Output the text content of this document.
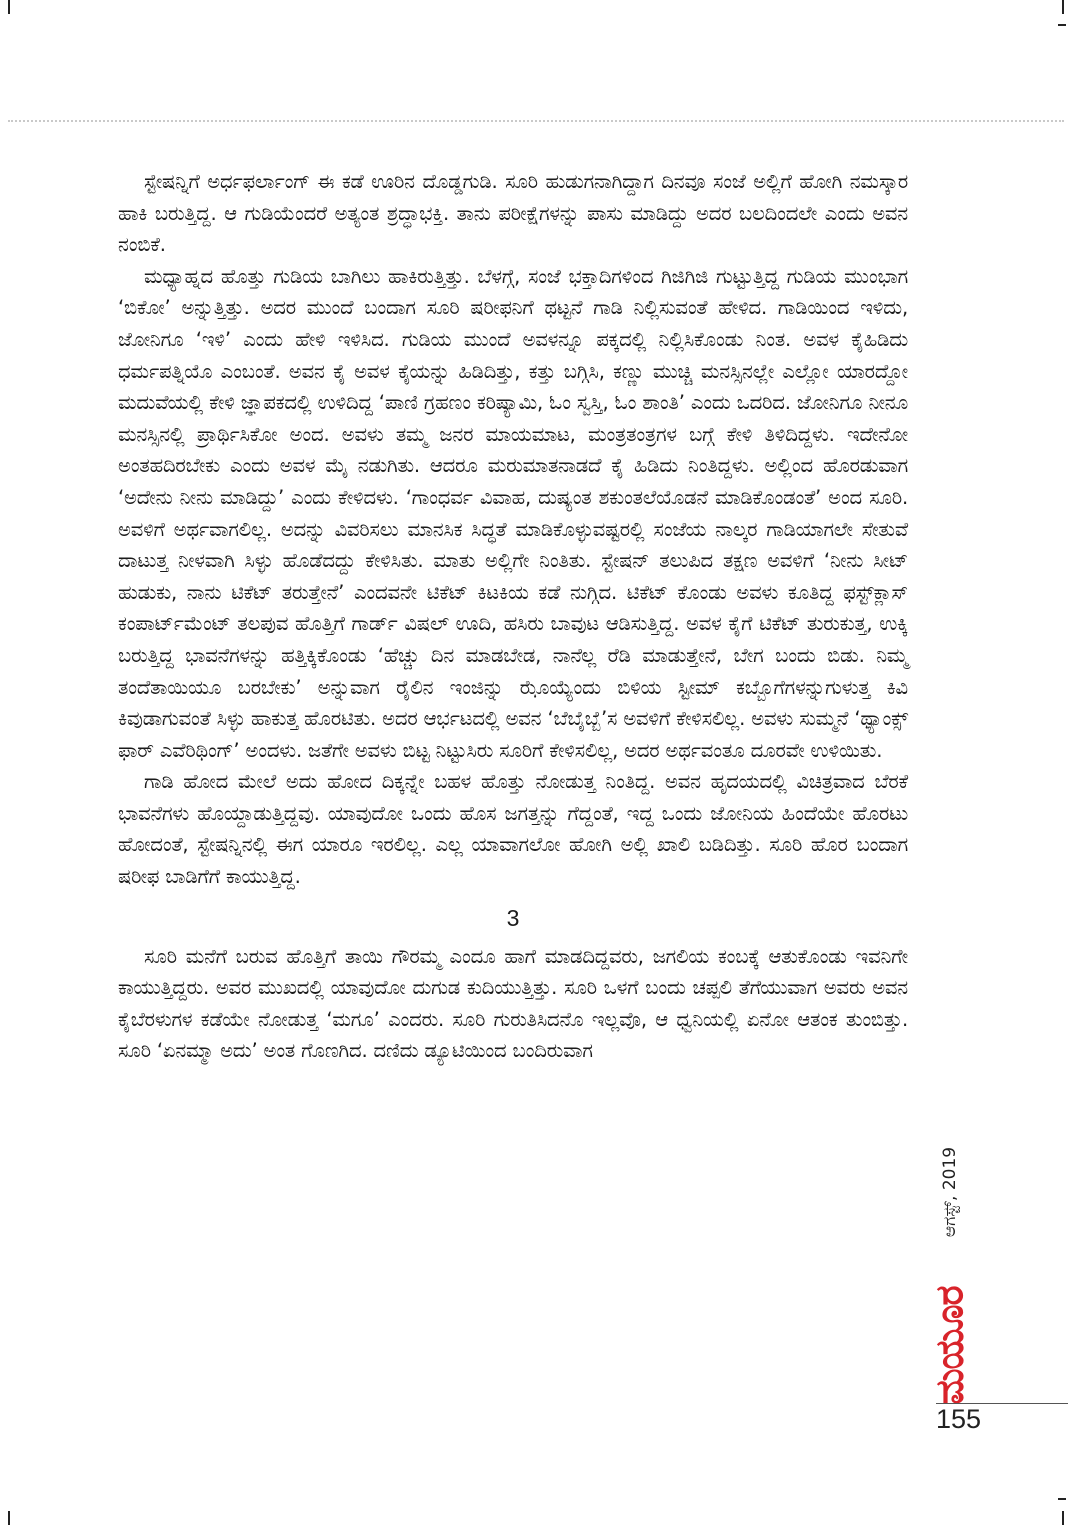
ಸ್ಟೇಷನ್ನಿಗೆ ಅರ್ಧಫರ್ಲಾಂಗ್ ಈ ಕಡೆ ಊರಿನ ದೊಡ್ಡಗುಡಿ. ಸೂರಿ ಹುಡುಗನಾಗಿದ್ದಾಗ ದಿನವೂ ಸಂಜೆ ಅಲ್ಲಿಗೆ ಹೋಗಿ ನಮಸ್ಕಾರ ಹಾಕಿ ಬರುತ್ತಿದ್ದ. ಆ ಗುಡಿಯೆಂದರೆ ಅತ್ಯಂತ ಶ್ರದ್ಧಾಭಕ್ತಿ. ತಾನು ಪರೀಕ್ಷೆಗಳನ್ನು ಪಾಸು ಮಾಡಿದ್ದು ಅದರ ಬಲದಿಂದಲೇ ಎಂದು ಅವನ ನಂಬಿಕೆ.

ಮಧ್ಯಾಹ್ನದ ಹೊತ್ತು ಗುಡಿಯ ಬಾಗಿಲು ಹಾಕಿರುತ್ತಿತ್ತು. ಬೆಳಗ್ಗೆ, ಸಂಜೆ ಭಕ್ತಾದಿಗಳಿಂದ ಗಿಜಿಗಿಜಿ ಗುಟ್ಟುತ್ತಿದ್ದ ಗುಡಿಯ ಮುಂಭಾಗ ‘ಬಿಕೋ’ ಅನ್ನುತ್ತಿತ್ತು. ಅದರ ಮುಂದೆ ಬಂದಾಗ ಸೂರಿ ಷರೀಫನಿಗೆ ಥಟ್ಟನೆ ಗಾಡಿ ನಿಲ್ಲಿಸುವಂತೆ ಹೇಳಿದ. ಗಾಡಿಯಿಂದ ಇಳಿದು, ಜೋನಿಗೂ ‘ಇಳಿ’ ಎಂದು ಹೇಳಿ ಇಳಿಸಿದ. ಗುಡಿಯ ಮುಂದೆ ಅವಳನ್ನೂ ಪಕ್ಕದಲ್ಲಿ ನಿಲ್ಲಿಸಿಕೊಂಡು ನಿಂತ. ಅವಳ ಕೈಹಿಡಿದು ಧರ್ಮಪತ್ನಿಯೊ ಎಂಬಂತೆ. ಅವನ ಕೈ ಅವಳ ಕೈಯನ್ನು ಹಿಡಿದಿತ್ತು, ಕತ್ತು ಬಗ್ಗಿಸಿ, ಕಣ್ಣು ಮುಚ್ಚಿ ಮನಸ್ಸಿನಲ್ಲೇ ಎಲ್ಲೋ ಯಾರದ್ದೋ ಮದುವೆಯಲ್ಲಿ ಕೇಳಿ ಜ್ಞಾಪಕದಲ್ಲಿ ಉಳಿದಿದ್ದ ‘ಪಾಣಿ ಗ್ರಹಣಂ ಕರಿಷ್ಯಾಮಿ, ಓಂ ಸ್ವಸ್ತಿ, ಓಂ ಶಾಂತಿ’ ಎಂದು ಒದರಿದ. ಜೋನಿಗೂ ನೀನೂ ಮನಸ್ಸಿನಲ್ಲಿ ಪ್ರಾರ್ಥಿಸಿಕೋ ಅಂದ. ಅವಳು ತಮ್ಮ ಜನರ ಮಾಯಮಾಟ, ಮಂತ್ರತಂತ್ರಗಳ ಬಗ್ಗೆ ಕೇಳಿ ತಿಳಿದಿದ್ದಳು. ಇದೇನೋ ಅಂತಹದಿರಬೇಕು ಎಂದು ಅವಳ ಮೈ ನಡುಗಿತು. ಆದರೂ ಮರುಮಾತನಾಡದೆ ಕೈ ಹಿಡಿದು ನಿಂತಿದ್ದಳು. ಅಲ್ಲಿಂದ ಹೊರಡುವಾಗ ‘ಅದೇನು ನೀನು ಮಾಡಿದ್ದು’ ಎಂದು ಕೇಳಿದಳು. ‘ಗಾಂಧರ್ವ ವಿವಾಹ, ದುಷ್ಯಂತ ಶಕುಂತಲೆಯೊಡನೆ ಮಾಡಿಕೊಂಡಂತೆ’ ಅಂದ ಸೂರಿ. ಅವಳಿಗೆ ಅರ್ಥವಾಗಲಿಲ್ಲ. ಅದನ್ನು ವಿವರಿಸಲು ಮಾನಸಿಕ ಸಿದ್ಧತೆ ಮಾಡಿಕೊಳ್ಳುವಷ್ಟರಲ್ಲಿ ಸಂಜೆಯ ನಾಲ್ಕರ ಗಾಡಿಯಾಗಲೇ ಸೇತುವೆ ದಾಟುತ್ತ ನೀಳವಾಗಿ ಸಿಳ್ಳು ಹೊಡೆದದ್ದು ಕೇಳಿಸಿತು. ಮಾತು ಅಲ್ಲಿಗೇ ನಿಂತಿತು. ಸ್ಟೇಷನ್ ತಲುಪಿದ ತಕ್ಷಣ ಅವಳಿಗೆ ‘ನೀನು ಸೀಟ್ ಹುಡುಕು, ನಾನು ಟಿಕೆಟ್ ತರುತ್ತೇನೆ’ ಎಂದವನೇ ಟಿಕೆಟ್ ಕಿಟಕಿಯ ಕಡೆ ನುಗ್ಗಿದ. ಟಿಕೆಟ್ ಕೊಂಡು ಅವಳು ಕೂತಿದ್ದ ಫಸ್ಟ್‌ಕ್ಲಾಸ್ ಕಂಪಾರ್ಟ್‌ಮೆಂಟ್ ತಲಪುವ ಹೊತ್ತಿಗೆ ಗಾರ್ಡ್ ವಿಷಲ್ ಊದಿ, ಹಸಿರು ಬಾವುಟ ಆಡಿಸುತ್ತಿದ್ದ. ಅವಳ ಕೈಗೆ ಟಿಕೆಟ್ ತುರುಕುತ್ತ, ಉಕ್ಕಿ ಬರುತ್ತಿದ್ದ ಭಾವನೆಗಳನ್ನು ಹತ್ತಿಕ್ಕಿಕೊಂಡು ‘ಹೆಚ್ಚು ದಿನ ಮಾಡಬೇಡ, ನಾನೆಲ್ಲ ರೆಡಿ ಮಾಡುತ್ತೇನೆ, ಬೇಗ ಬಂದು ಬಿಡು. ನಿಮ್ಮ ತಂದೆತಾಯಿಯೂ ಬರಬೇಕು’ ಅನ್ನುವಾಗ ರೈಲಿನ ಇಂಜಿನ್ನು ಝೊಯ್ಯೆಂದು ಬಿಳಿಯ ಸ್ಟೀಮ್ ಕಬ್ಬೊಗೆಗಳನ್ನುಗುಳುತ್ತ ಕಿವಿ ಕಿವುಡಾಗುವಂತೆ ಸಿಳ್ಳು ಹಾಕುತ್ತ ಹೊರಟಿತು. ಅದರ ಆರ್ಭಟದಲ್ಲಿ ಅವನ ‘ಬೆಬೈಬ್ಬೆ’ಸ ಅವಳಿಗೆ ಕೇಳಿಸಲಿಲ್ಲ. ಅವಳು ಸುಮ್ಮನೆ ‘ಥ್ಯಾಂಕ್ಸ್ ಫಾರ್ ಎವೆರಿಥಿಂಗ್’ ಅಂದಳು. ಜತೆಗೇ ಅವಳು ಬಿಟ್ಟ ನಿಟ್ಟುಸಿರು ಸೂರಿಗೆ ಕೇಳಿಸಲಿಲ್ಲ, ಅದರ ಅರ್ಥವಂತೂ ದೂರವೇ ಉಳಿಯಿತು.

ಗಾಡಿ ಹೋದ ಮೇಲೆ ಅದು ಹೋದ ದಿಕ್ಕನ್ನೇ ಬಹಳ ಹೊತ್ತು ನೋಡುತ್ತ ನಿಂತಿದ್ದ. ಅವನ ಹೃದಯದಲ್ಲಿ ವಿಚಿತ್ರವಾದ ಬೆರಕೆ ಭಾವನೆಗಳು ಹೊಯ್ದಾಡುತ್ತಿದ್ದವು. ಯಾವುದೋ ಒಂದು ಹೊಸ ಜಗತ್ತನ್ನು ಗೆದ್ದಂತೆ, ಇದ್ದ ಒಂದು ಜೋನಿಯ ಹಿಂದೆಯೇ ಹೊರಟು ಹೋದಂತೆ, ಸ್ಟೇಷನ್ನಿನಲ್ಲಿ ಈಗ ಯಾರೂ ಇರಲಿಲ್ಲ. ಎಲ್ಲ ಯಾವಾಗಲೋ ಹೋಗಿ ಅಲ್ಲಿ ಖಾಲಿ ಬಡಿದಿತ್ತು. ಸೂರಿ ಹೊರ ಬಂದಾಗ ಷರೀಫ ಬಾಡಿಗೆಗೆ ಕಾಯುತ್ತಿದ್ದ.

3

ಸೂರಿ ಮನೆಗೆ ಬರುವ ಹೊತ್ತಿಗೆ ತಾಯಿ ಗೌರಮ್ಮ ಎಂದೂ ಹಾಗೆ ಮಾಡದಿದ್ದವರು, ಜಗಲಿಯ ಕಂಬಕ್ಕೆ ಆತುಕೊಂಡು ಇವನಿಗೇ ಕಾಯುತ್ತಿದ್ದರು. ಅವರ ಮುಖದಲ್ಲಿ ಯಾವುದೋ ದುಗುಡ ಕುದಿಯುತ್ತಿತ್ತು. ಸೂರಿ ಒಳಗೆ ಬಂದು ಚಪ್ಪಲಿ ತೆಗೆಯುವಾಗ ಅವರು ಅವನ ಕೈಬೆರಳುಗಳ ಕಡೆಯೇ ನೋಡುತ್ತ ‘ಮಗೂ’ ಎಂದರು. ಸೂರಿ ಗುರುತಿಸಿದನೊ ಇಲ್ಲವೊ, ಆ ಧ್ವನಿಯಲ್ಲಿ ಏನೋ ಆತಂಕ ತುಂಬಿತ್ತು. ಸೂರಿ ‘ಏನಮ್ಮಾ ಅದು’ ಅಂತ ಗೊಣಗಿದ. ದಣಿದು ಡ್ಯೂಟಿಯಿಂದ ಬಂದಿರುವಾಗ

ಆಗಸ್ಟ್, 2019
ಮಯೂರ
155
